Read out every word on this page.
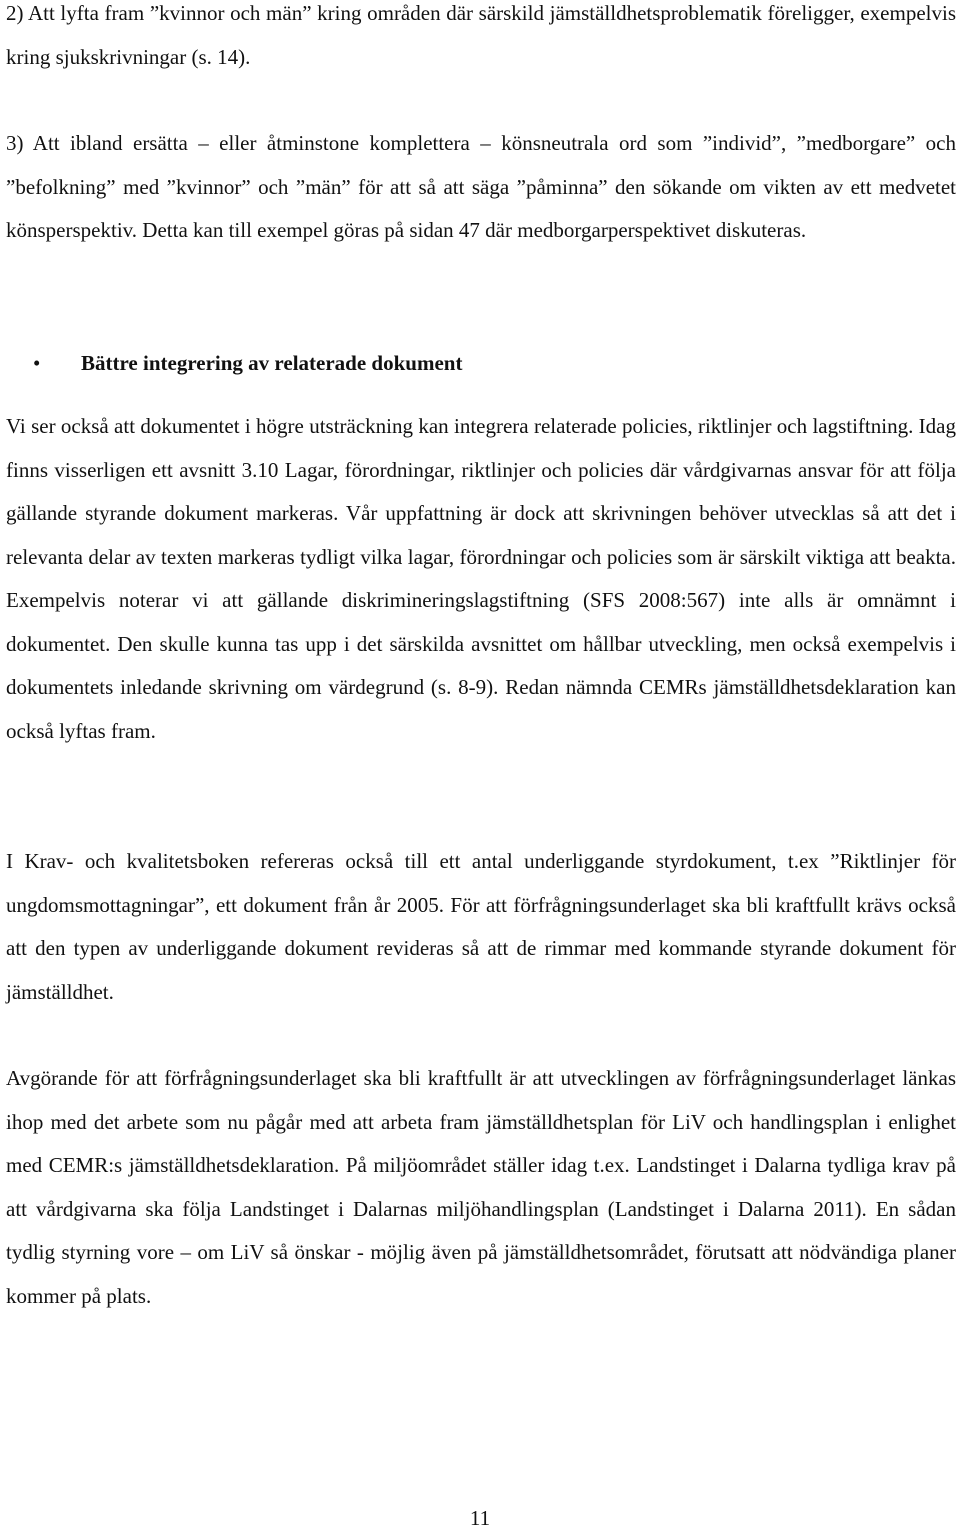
2) Att lyfta fram ”kvinnor och män” kring områden där särskild jämställdhetsproblematik föreligger, exempelvis kring sjukskrivningar (s. 14).

3) Att ibland ersätta – eller åtminstone komplettera – könsneutrala ord som ”individ”, ”medborgare” och ”befolkning” med ”kvinnor” och ”män” för att så att säga ”påminna” den sökande om vikten av ett medvetet könsperspektiv. Detta kan till exempel göras på sidan 47 där medborgarperspektivet diskuteras.

• Bättre integrering av relaterade dokument

Vi ser också att dokumentet i högre utsträckning kan integrera relaterade policies, riktlinjer och lagstiftning. Idag finns visserligen ett avsnitt 3.10 Lagar, förordningar, riktlinjer och policies där vårdgivarnas ansvar för att följa gällande styrande dokument markeras. Vår uppfattning är dock att skrivningen behöver utvecklas så att det i relevanta delar av texten markeras tydligt vilka lagar, förordningar och policies som är särskilt viktiga att beakta. Exempelvis noterar vi att gällande diskrimineringslagstiftning (SFS 2008:567) inte alls är omnämnt i dokumentet. Den skulle kunna tas upp i det särskilda avsnittet om hållbar utveckling, men också exempelvis i dokumentets inledande skrivning om värdegrund (s. 8-9). Redan nämnda CEMRs jämställdhetsdeklaration kan också lyftas fram.

I Krav- och kvalitetsboken refereras också till ett antal underliggande styrdokument, t.ex ”Riktlinjer för ungdomsmottagningar”, ett dokument från år 2005. För att förfrågningsunderlaget ska bli kraftfullt krävs också att den typen av underliggande dokument revideras så att de rimmar med kommande styrande dokument för jämställdhet.

Avgörande för att förfrågningsunderlaget ska bli kraftfullt är att utvecklingen av förfrågningsunderlaget länkas ihop med det arbete som nu pågår med att arbeta fram jämställdhetsplan för LiV och handlingsplan i enlighet med CEMR:s jämställdhetsdeklaration. På miljöområdet ställer idag t.ex. Landstinget i Dalarna tydliga krav på att vårdgivarna ska följa Landstinget i Dalarnas miljöhandlingsplan (Landstinget i Dalarna 2011). En sådan tydlig styrning vore – om LiV så önskar - möjlig även på jämställdhetsområdet, förutsatt att nödvändiga planer kommer på plats.

11
